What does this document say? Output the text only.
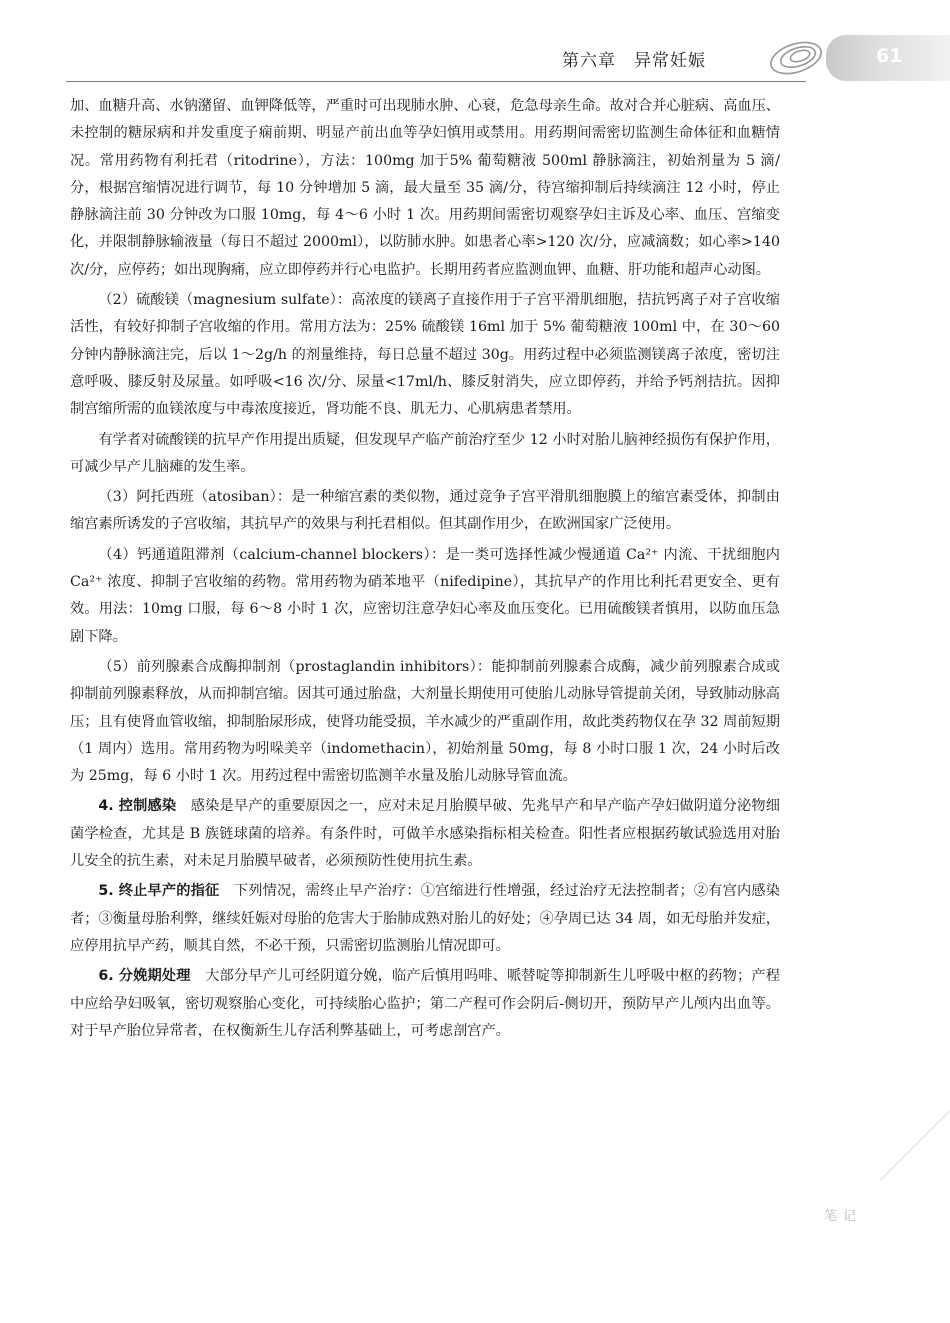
第六章　异常妊娠	61

加、血糖升高、水钠潴留、血钾降低等，严重时可出现肺水肿、心衰，危急母亲生命。故对合并心脏病、高血压、未控制的糖尿病和并发重度子痫前期、明显产前出血等孕妇慎用或禁用。用药期间需密切监测生命体征和血糖情况。常用药物有利托君（ritodrine），方法：100mg 加于5% 葡萄糖液 500ml 静脉滴注，初始剂量为 5 滴/分，根据宫缩情况进行调节，每 10 分钟增加 5 滴，最大量至 35 滴/分，待宫缩抑制后持续滴注 12 小时，停止静脉滴注前 30 分钟改为口服 10mg，每 4～6 小时 1 次。用药期间需密切观察孕妇主诉及心率、血压、宫缩变化，并限制静脉输液量（每日不超过 2000ml），以防肺水肿。如患者心率>120 次/分，应减滴数；如心率>140 次/分，应停药；如出现胸痛，应立即停药并行心电监护。长期用药者应监测血钾、血糖、肝功能和超声心动图。

（2）硫酸镁（magnesium sulfate）：高浓度的镁离子直接作用于子宫平滑肌细胞，拮抗钙离子对子宫收缩活性，有较好抑制子宫收缩的作用。常用方法为：25% 硫酸镁 16ml 加于 5% 葡萄糖液 100ml 中，在 30～60 分钟内静脉滴注完，后以 1～2g/h 的剂量维持，每日总量不超过 30g。用药过程中必须监测镁离子浓度，密切注意呼吸、膝反射及尿量。如呼吸<16 次/分、尿量<17ml/h、膝反射消失，应立即停药，并给予钙剂拮抗。因抑制宫缩所需的血镁浓度与中毒浓度接近，肾功能不良、肌无力、心肌病患者禁用。

有学者对硫酸镁的抗早产作用提出质疑，但发现早产临产前治疗至少 12 小时对胎儿脑神经损伤有保护作用，可减少早产儿脑瘫的发生率。

（3）阿托西班（atosiban）：是一种缩宫素的类似物，通过竞争子宫平滑肌细胞膜上的缩宫素受体，抑制由缩宫素所诱发的子宫收缩，其抗早产的效果与利托君相似。但其副作用少，在欧洲国家广泛使用。

（4）钙通道阻滞剂（calcium-channel blockers）：是一类可选择性减少慢通道 Ca²⁺ 内流、干扰细胞内 Ca²⁺ 浓度、抑制子宫收缩的药物。常用药物为硝苯地平（nifedipine），其抗早产的作用比利托君更安全、更有效。用法：10mg 口服，每 6～8 小时 1 次，应密切注意孕妇心率及血压变化。已用硫酸镁者慎用，以防血压急剧下降。

（5）前列腺素合成酶抑制剂（prostaglandin inhibitors）：能抑制前列腺素合成酶，减少前列腺素合成或抑制前列腺素释放，从而抑制宫缩。因其可通过胎盘，大剂量长期使用可使胎儿动脉导管提前关闭，导致肺动脉高压；且有使肾血管收缩，抑制胎尿形成，使肾功能受损，羊水减少的严重副作用，故此类药物仅在孕 32 周前短期（1 周内）选用。常用药物为吲哚美辛（indomethacin），初始剂量 50mg，每 8 小时口服 1 次，24 小时后改为 25mg，每 6 小时 1 次。用药过程中需密切监测羊水量及胎儿动脉导管血流。

4. 控制感染　 感染是早产的重要原因之一，应对未足月胎膜早破、先兆早产和早产临产孕妇做阴道分泌物细菌学检查，尤其是 B 族链球菌的培养。有条件时，可做羊水感染指标相关检查。阳性者应根据药敏试验选用对胎儿安全的抗生素，对未足月胎膜早破者，必须预防性使用抗生素。

5. 终止早产的指征　 下列情况，需终止早产治疗：①宫缩进行性增强，经过治疗无法控制者；②有宫内感染者；③衡量母胎利弊，继续妊娠对母胎的危害大于胎肺成熟对胎儿的好处；④孕周已达 34 周，如无母胎并发症，应停用抗早产药，顺其自然，不必干预，只需密切监测胎儿情况即可。

6. 分娩期处理　 大部分早产儿可经阴道分娩，临产后慎用吗啡、哌替啶等抑制新生儿呼吸中枢的药物；产程中应给孕妇吸氧，密切观察胎心变化，可持续胎心监护；第二产程可作会阴后-侧切开，预防早产儿颅内出血等。对于早产胎位异常者，在权衡新生儿存活利弊基础上，可考虑剖宫产。

笔记
